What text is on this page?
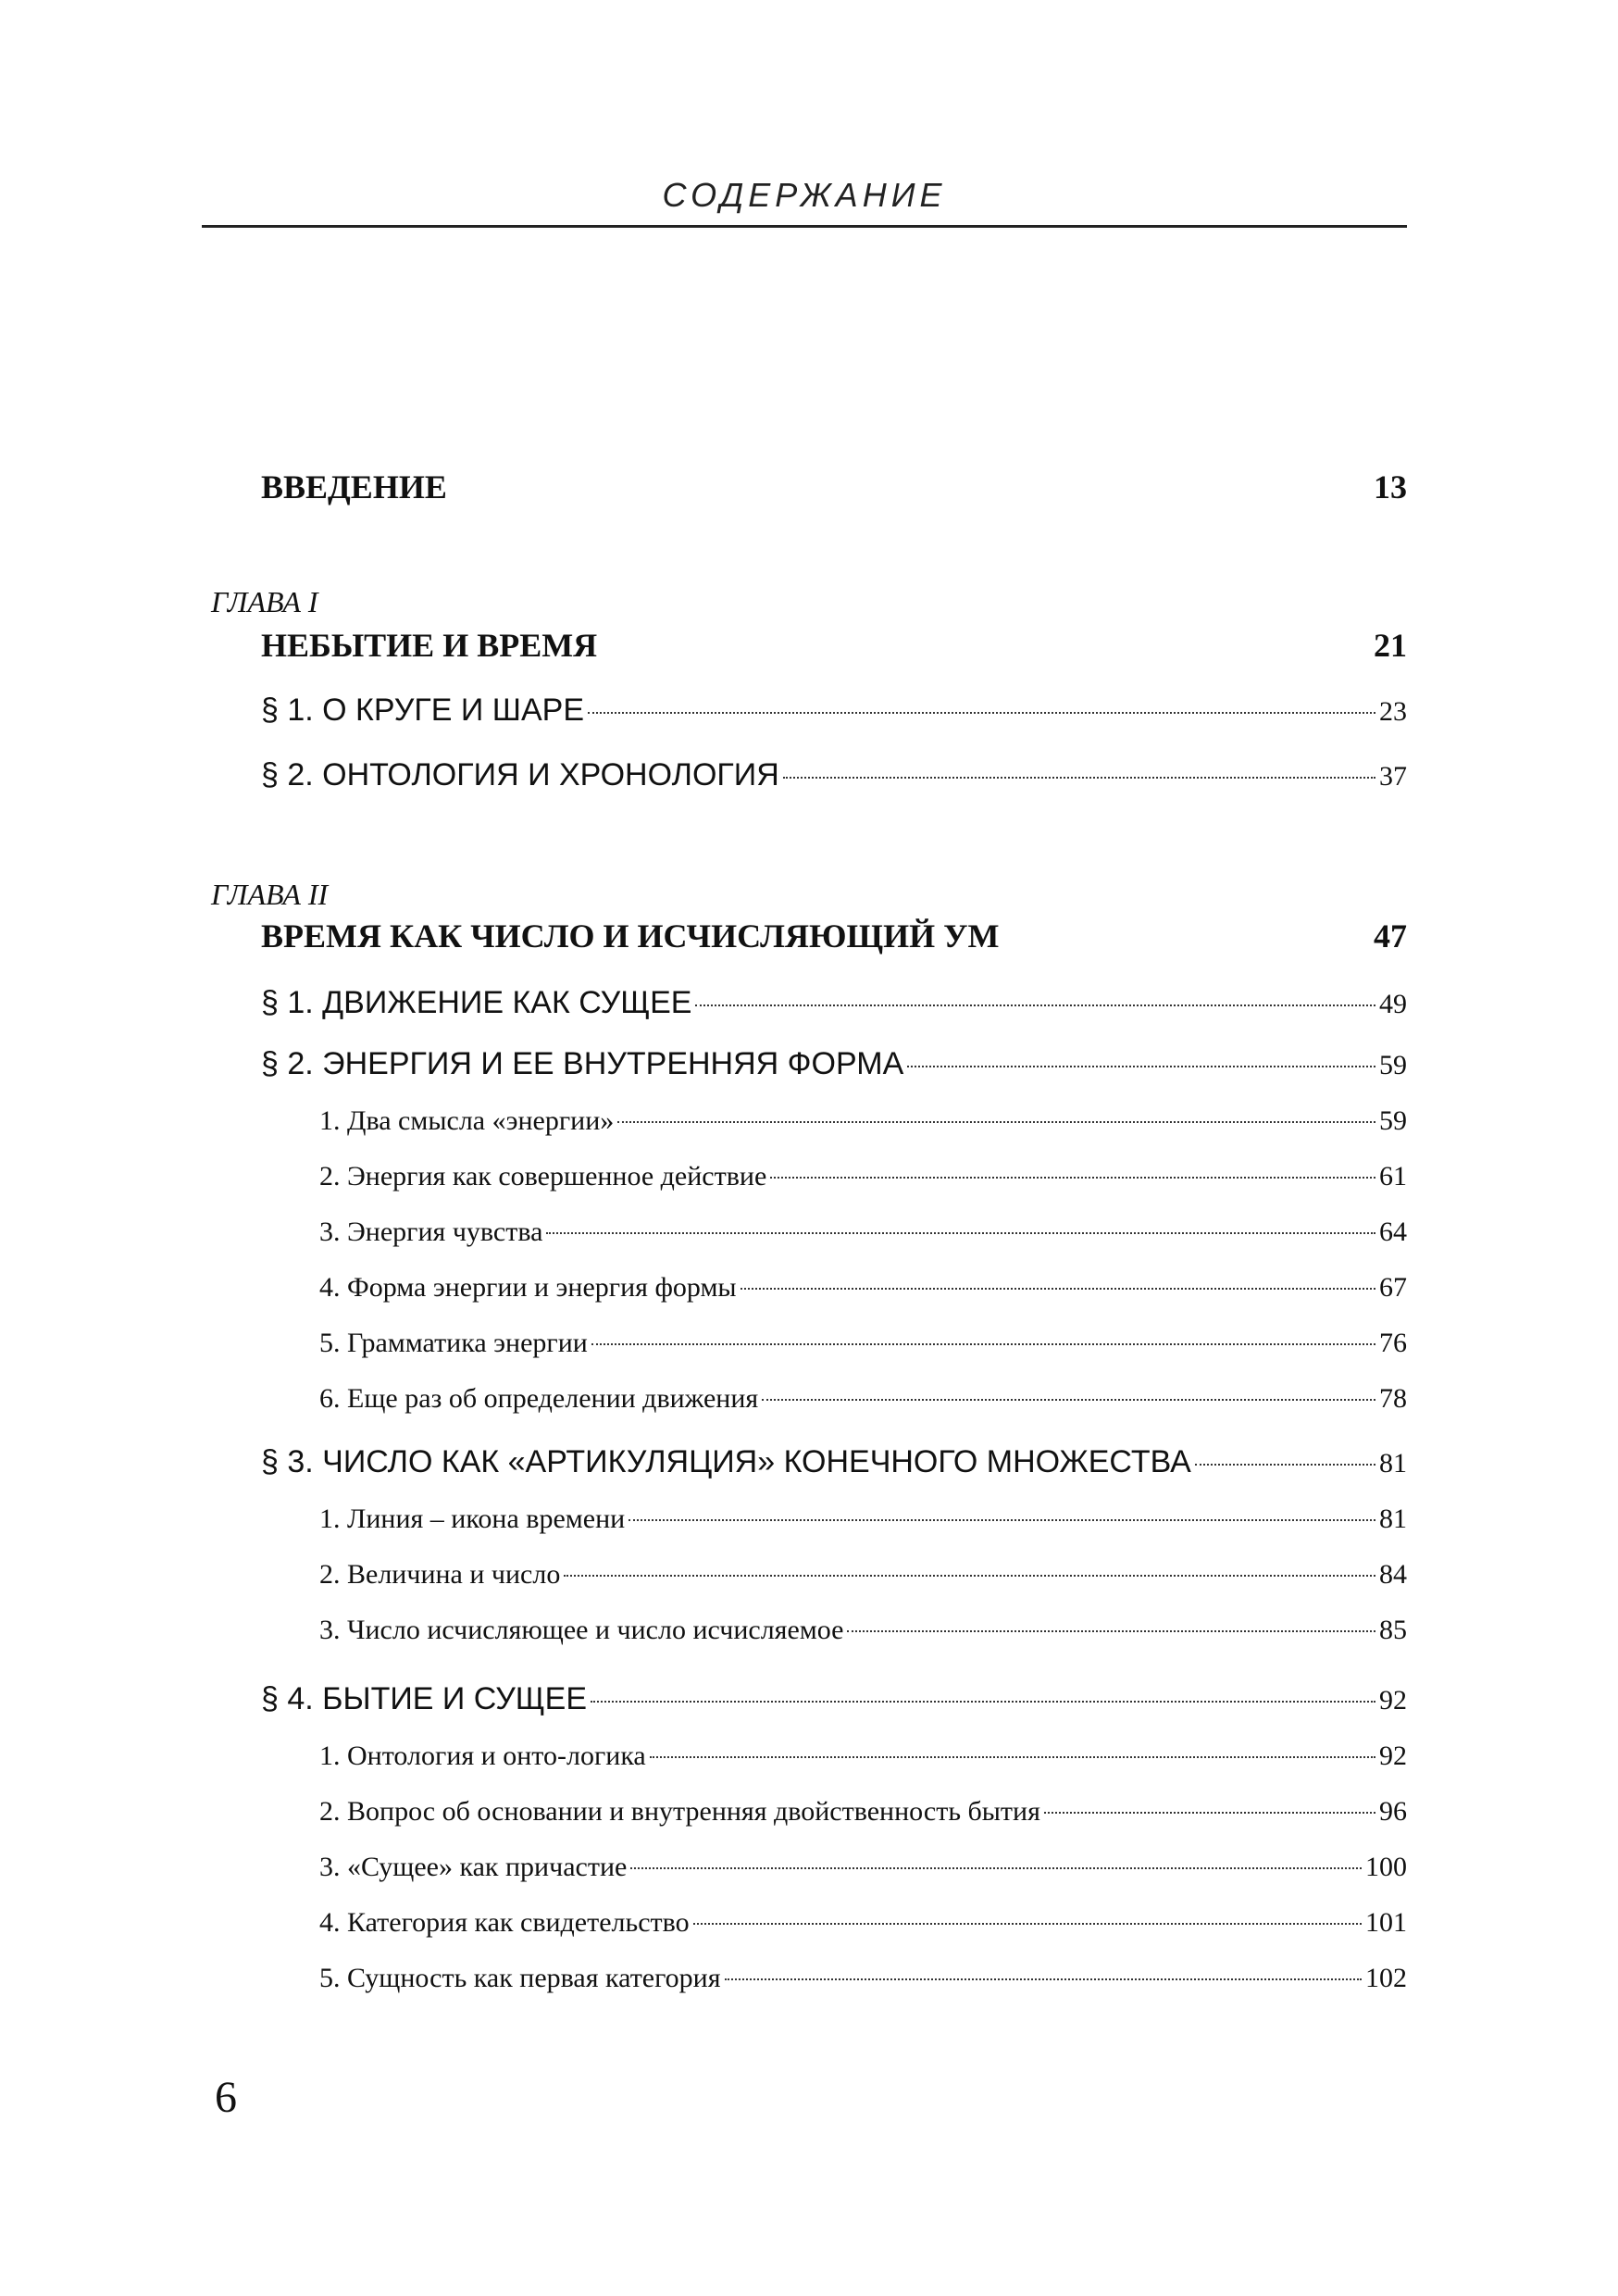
СОДЕРЖАНИЕ
ВВЕДЕНИЕ	13
ГЛАВА I
НЕБЫТИЕ И ВРЕМЯ	21
§ 1. О КРУГЕ И ШАРЕ	23
§ 2. ОНТОЛОГИЯ И ХРОНОЛОГИЯ	37
ГЛАВА II
ВРЕМЯ КАК ЧИСЛО И ИСЧИСЛЯЮЩИЙ УМ	47
§ 1. ДВИЖЕНИЕ КАК СУЩЕЕ	49
§ 2. ЭНЕРГИЯ И ЕЕ ВНУТРЕННЯЯ ФОРМА	59
1. Два смысла «энергии»	59
2. Энергия как совершенное действие	61
3. Энергия чувства	64
4. Форма энергии и энергия формы	67
5. Грамматика энергии	76
6. Еще раз об определении движения	78
§ 3. ЧИСЛО КАК «АРТИКУЛЯЦИЯ» КОНЕЧНОГО МНОЖЕСТВА	81
1. Линия – икона времени	81
2. Величина и число	84
3. Число исчисляющее и число исчисляемое	85
§ 4. БЫТИЕ И СУЩЕЕ	92
1. Онтология и онто-логика	92
2. Вопрос об основании и внутренняя двойственность бытия	96
3. «Сущее» как причастие	100
4. Категория как свидетельство	101
5. Сущность как первая категория	102
6
